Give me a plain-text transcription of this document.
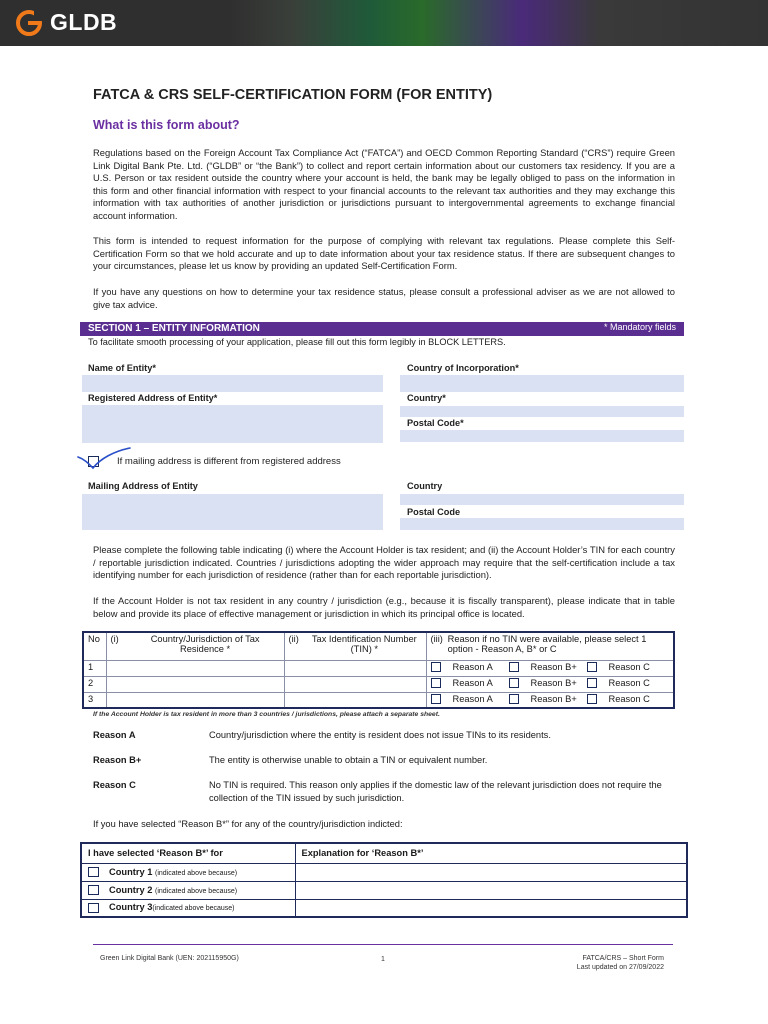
GLDB
FATCA & CRS SELF-CERTIFICATION FORM (FOR ENTITY)
What is this form about?
Regulations based on the Foreign Account Tax Compliance Act (“FATCA”) and OECD Common Reporting Standard (“CRS”) require Green Link Digital Bank Pte. Ltd. (“GLDB” or “the Bank”) to collect and report certain information about our customers tax residency. If you are a U.S. Person or tax resident outside the country where your account is held, the bank may be legally obliged to pass on the information in this form and other financial information with respect to your financial accounts to the relevant tax authorities and they may exchange this information with tax authorities of another jurisdiction or jurisdictions pursuant to intergovernmental agreements to exchange financial account information.
This form is intended to request information for the purpose of complying with relevant tax regulations. Please complete this Self-Certification Form so that we hold accurate and up to date information about your tax residence status. If there are subsequent changes to your circumstances, please let us know by providing an updated Self-Certification Form.
If you have any questions on how to determine your tax residence status, please consult a professional adviser as we are not allowed to give tax advice.
SECTION 1 – ENTITY INFORMATION	* Mandatory fields
To facilitate smooth processing of your application, please fill out this form legibly in BLOCK LETTERS.
Name of Entity*	Country of Incorporation*
Registered Address of Entity*	Country*
Postal Code*
If mailing address is different from registered address
Mailing Address of Entity	Country
Postal Code
Please complete the following table indicating (i) where the Account Holder is tax resident; and (ii) the Account Holder’s TIN for each country / reportable jurisdiction indicated. Countries / jurisdictions adopting the wider approach may require that the self-certification include a tax identifying number for each jurisdiction of residence (rather than for each reportable jurisdiction).
If the Account Holder is not tax resident in any country / jurisdiction (e.g., because it is fiscally transparent), please indicate that in table below and provide its place of effective management or jurisdiction in which its principal office is located.
No	(i) Country/Jurisdiction of Tax Residence *	(ii) Tax Identification Number (TIN) *	(iii) Reason if no TIN were available, please select 1 option - Reason A, B* or C

1			Reason A Reason B+ Reason C

2			Reason A Reason B+ Reason C

3			Reason A Reason B+ Reason C
If the Account Holder is tax resident in more than 3 countries / jurisdictions, please attach a separate sheet.
Reason A	Country/jurisdiction where the entity is resident does not issue TINs to its residents.
Reason B+	The entity is otherwise unable to obtain a TIN or equivalent number.
Reason C	No TIN is required. This reason only applies if the domestic law of the relevant jurisdiction does not require the collection of the TIN issued by such jurisdiction.
If you have selected “Reason B*” for any of the country/jurisdiction indicted:
I have selected ‘Reason B*’ for	Explanation for ‘Reason B*’
Country 1 (indicated above because)	
Country 2 (indicated above because)	
Country 3(indicated above because)	
Green Link Digital Bank (UEN: 202115950G)	1	FATCA/CRS – Short Form
Last updated on 27/09/2022
